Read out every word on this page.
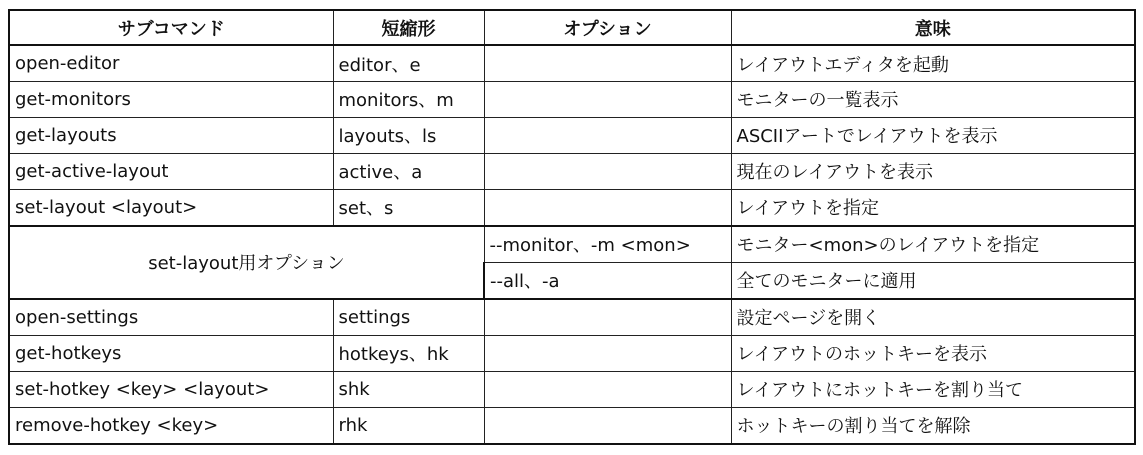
サブコマンド	短縮形	オプション	意味
open-editor	editor、e		レイアウトエディタを起動
get-monitors	monitors、m		モニターの一覧表示
get-layouts	layouts、ls		ASCIIアートでレイアウトを表示
get-active-layout	active、a		現在のレイアウトを表示
set-layout <layout>	set、s		レイアウトを指定
set-layout用オプション		--monitor、-m <mon>	モニター<mon>のレイアウトを指定
		--all、-a	全てのモニターに適用
open-settings	settings		設定ページを開く
get-hotkeys	hotkeys、hk		レイアウトのホットキーを表示
set-hotkey <key> <layout>	shk		レイアウトにホットキーを割り当て
remove-hotkey <key>	rhk		ホットキーの割り当てを解除
